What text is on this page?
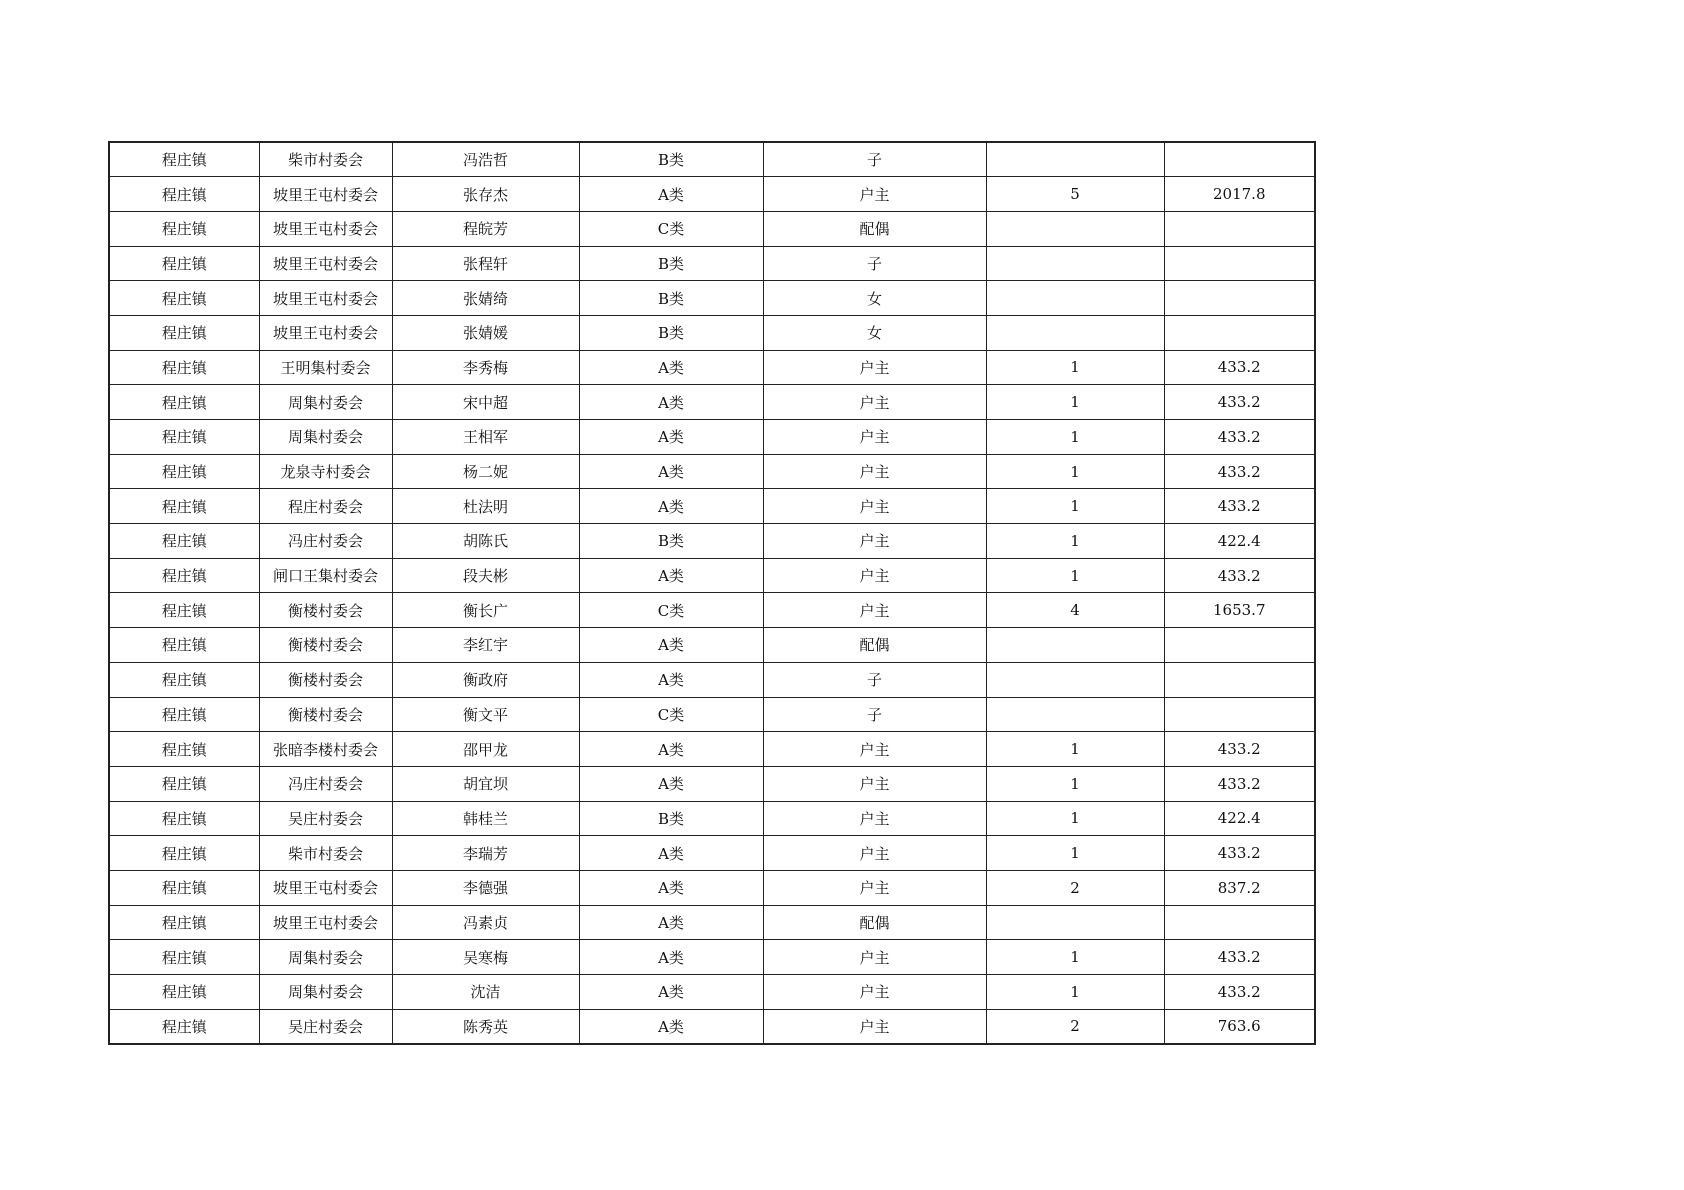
程庄镇	柴市村委会	冯浩哲	B类	子		
程庄镇	坡里王屯村委会	张存杰	A类	户主	5	2017.8
程庄镇	坡里王屯村委会	程皖芳	C类	配偶		
程庄镇	坡里王屯村委会	张程轩	B类	子		
程庄镇	坡里王屯村委会	张婧绮	B类	女		
程庄镇	坡里王屯村委会	张婧媛	B类	女		
程庄镇	王明集村委会	李秀梅	A类	户主	1	433.2
程庄镇	周集村委会	宋中超	A类	户主	1	433.2
程庄镇	周集村委会	王相军	A类	户主	1	433.2
程庄镇	龙泉寺村委会	杨二妮	A类	户主	1	433.2
程庄镇	程庄村委会	杜法明	A类	户主	1	433.2
程庄镇	冯庄村委会	胡陈氏	B类	户主	1	422.4
程庄镇	闸口王集村委会	段夫彬	A类	户主	1	433.2
程庄镇	衡楼村委会	衡长广	C类	户主	4	1653.7
程庄镇	衡楼村委会	李红宇	A类	配偶		
程庄镇	衡楼村委会	衡政府	A类	子		
程庄镇	衡楼村委会	衡文平	C类	子		
程庄镇	张暗李楼村委会	邵甲龙	A类	户主	1	433.2
程庄镇	冯庄村委会	胡宜坝	A类	户主	1	433.2
程庄镇	吴庄村委会	韩桂兰	B类	户主	1	422.4
程庄镇	柴市村委会	李瑞芳	A类	户主	1	433.2
程庄镇	坡里王屯村委会	李德强	A类	户主	2	837.2
程庄镇	坡里王屯村委会	冯素贞	A类	配偶		
程庄镇	周集村委会	吴寒梅	A类	户主	1	433.2
程庄镇	周集村委会	沈洁	A类	户主	1	433.2
程庄镇	吴庄村委会	陈秀英	A类	户主	2	763.6
